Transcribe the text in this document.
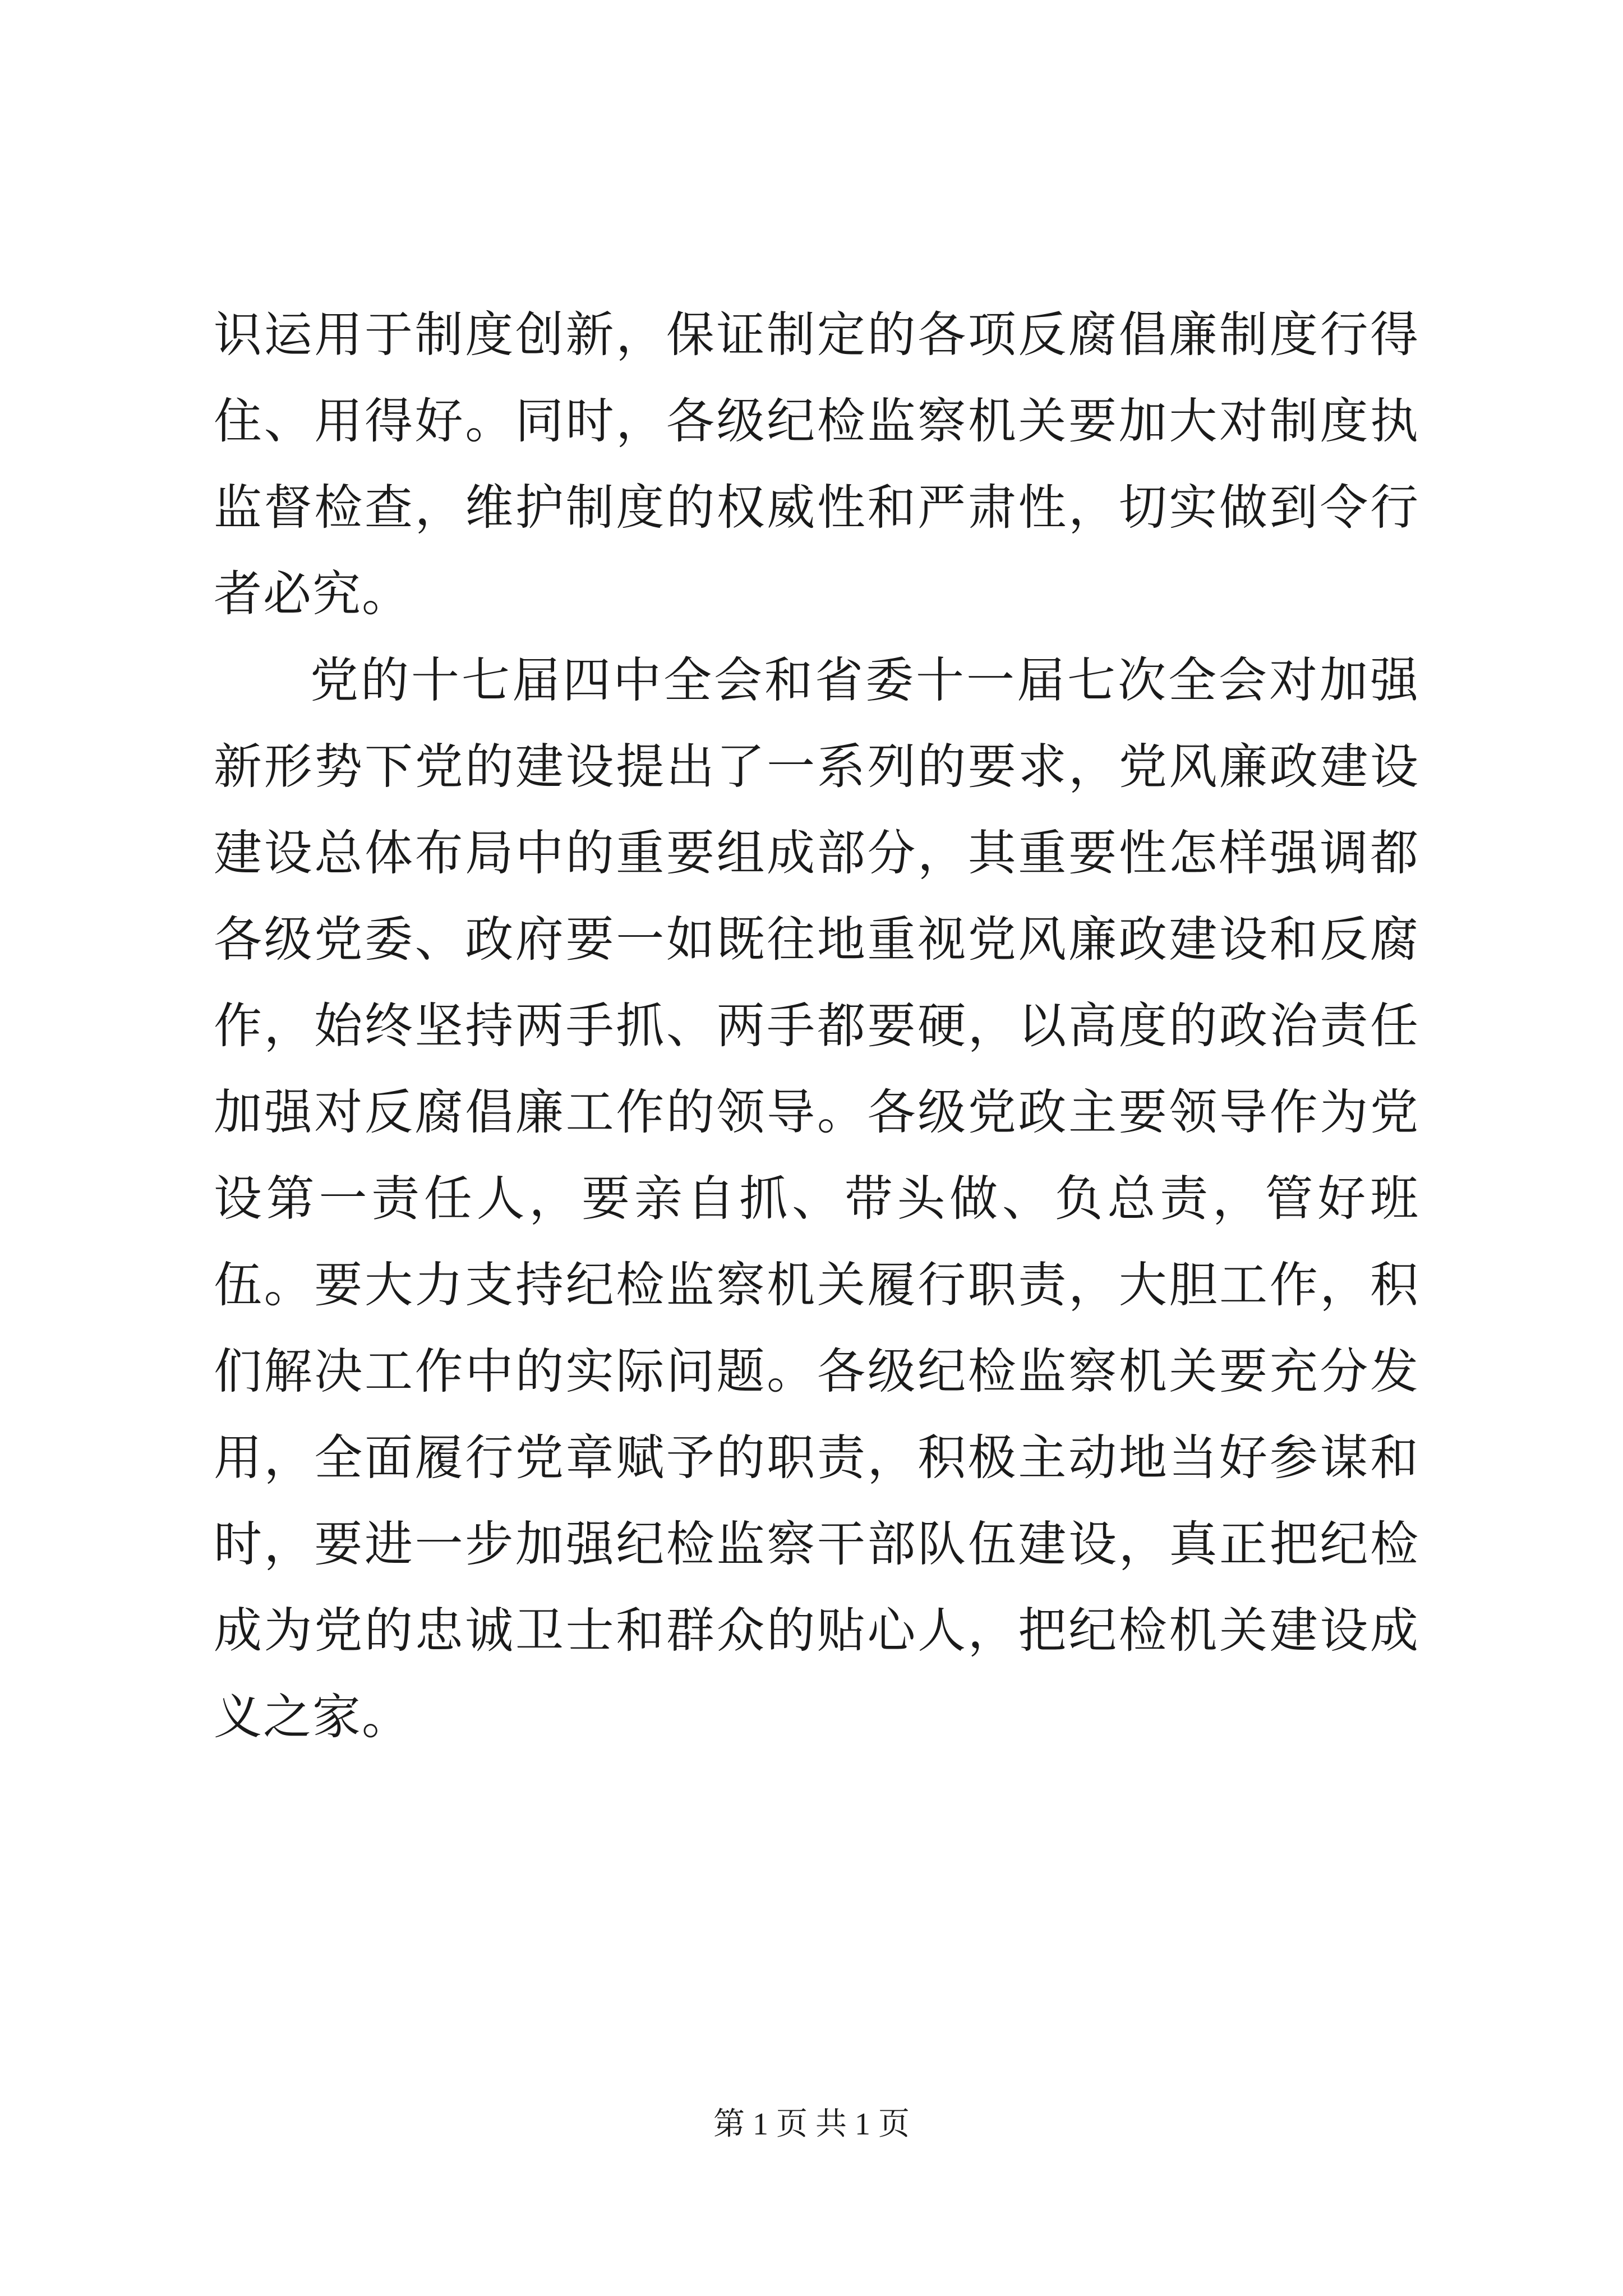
识运用于制度创新，保证制定的各项反腐倡廉制度行得
住、用得好。同时，各级纪检监察机关要加大对制度执
监督检查，维护制度的权威性和严肃性，切实做到令行
者必究。
党的十七届四中全会和省委十一届七次全会对加强
新形势下党的建设提出了一系列的要求，党风廉政建设
建设总体布局中的重要组成部分，其重要性怎样强调都
各级党委、政府要一如既往地重视党风廉政建设和反腐
作，始终坚持两手抓、两手都要硬，以高度的政治责任
加强对反腐倡廉工作的领导。各级党政主要领导作为党
设第一责任人，要亲自抓、带头做、负总责，管好班
伍。要大力支持纪检监察机关履行职责，大胆工作，积
们解决工作中的实际问题。各级纪检监察机关要充分发
用，全面履行党章赋予的职责，积极主动地当好参谋和
时，要进一步加强纪检监察干部队伍建设，真正把纪检
成为党的忠诚卫士和群众的贴心人，把纪检机关建设成
义之家。
第 1 页 共 1 页
